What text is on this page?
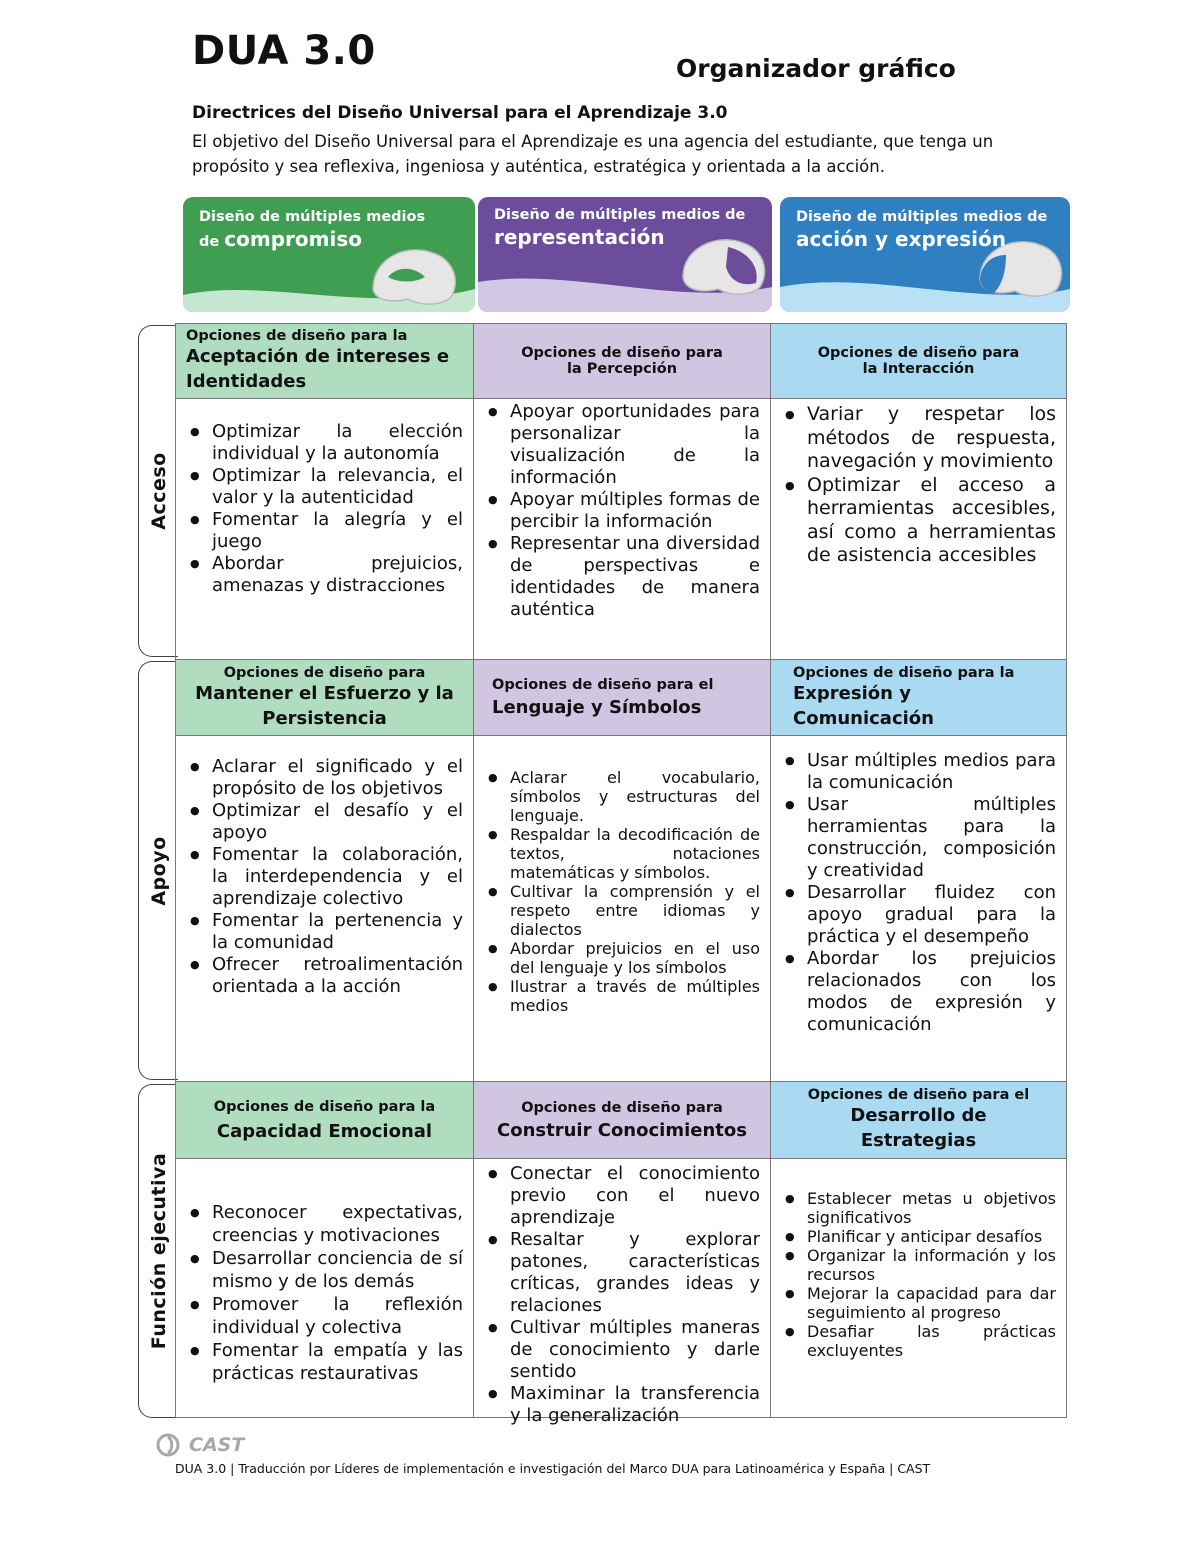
DUA 3.0	Organizador gráfico
Directrices del Diseño Universal para el Aprendizaje 3.0
El objetivo del Diseño Universal para el Aprendizaje es una agencia del estudiante, que tenga un propósito y sea reflexiva, ingeniosa y auténtica, estratégica y orientada a la acción.
Diseño de múltiples medios
de compromiso
Diseño de múltiples medios de
representación
Diseño de múltiples medios de
acción y expresión
Acceso
Apoyo
Función ejecutiva
Opciones de diseño para la
Aceptación de intereses e Identidades
Opciones de diseño para la Percepción
Opciones de diseño para la Interacción
● Optimizar la elección individual y la autonomía
● Optimizar la relevancia, el valor y la autenticidad
● Fomentar la alegría y el juego
● Abordar prejuicios, amenazas y distracciones
● Apoyar oportunidades para personalizar la visualización de la información
● Apoyar múltiples formas de percibir la información
● Representar una diversidad de perspectivas e identidades de manera auténtica
● Variar y respetar los métodos de respuesta, navegación y movimiento
● Optimizar el acceso a herramientas accesibles, así como a herramientas de asistencia accesibles
Opciones de diseño para
Mantener el Esfuerzo y la Persistencia
Opciones de diseño para el
Lenguaje y Símbolos
Opciones de diseño para la
Expresión y Comunicación
● Aclarar el significado y el propósito de los objetivos
● Optimizar el desafío y el apoyo
● Fomentar la colaboración, la interdependencia y el aprendizaje colectivo
● Fomentar la pertenencia y la comunidad
● Ofrecer retroalimentación orientada a la acción
● Aclarar el vocabulario, símbolos y estructuras del lenguaje.
● Respaldar la decodificación de textos, notaciones matemáticas y símbolos.
● Cultivar la comprensión y el respeto entre idiomas y dialectos
● Abordar prejuicios en el uso del lenguaje y los símbolos
● Ilustrar a través de múltiples medios
● Usar múltiples medios para la comunicación
● Usar múltiples herramientas para la construcción, composición y creatividad
● Desarrollar fluidez con apoyo gradual para la práctica y el desempeño
● Abordar los prejuicios relacionados con los modos de expresión y comunicación
Opciones de diseño para la
Capacidad Emocional
Opciones de diseño para
Construir Conocimientos
Opciones de diseño para el
Desarrollo de Estrategias
● Reconocer expectativas, creencias y motivaciones
● Desarrollar conciencia de sí mismo y de los demás
● Promover la reflexión individual y colectiva
● Fomentar la empatía y las prácticas restaurativas
● Conectar el conocimiento previo con el nuevo aprendizaje
● Resaltar y explorar patones, características críticas, grandes ideas y relaciones
● Cultivar múltiples maneras de conocimiento y darle sentido
● Maximinar la transferencia y la generalización
● Establecer metas u objetivos significativos
● Planificar y anticipar desafíos
● Organizar la información y los recursos
● Mejorar la capacidad para dar seguimiento al progreso
● Desafiar las prácticas excluyentes
CAST
DUA 3.0 | Traducción por Líderes de implementación e investigación del Marco DUA para Latinoamérica y España | CAST
